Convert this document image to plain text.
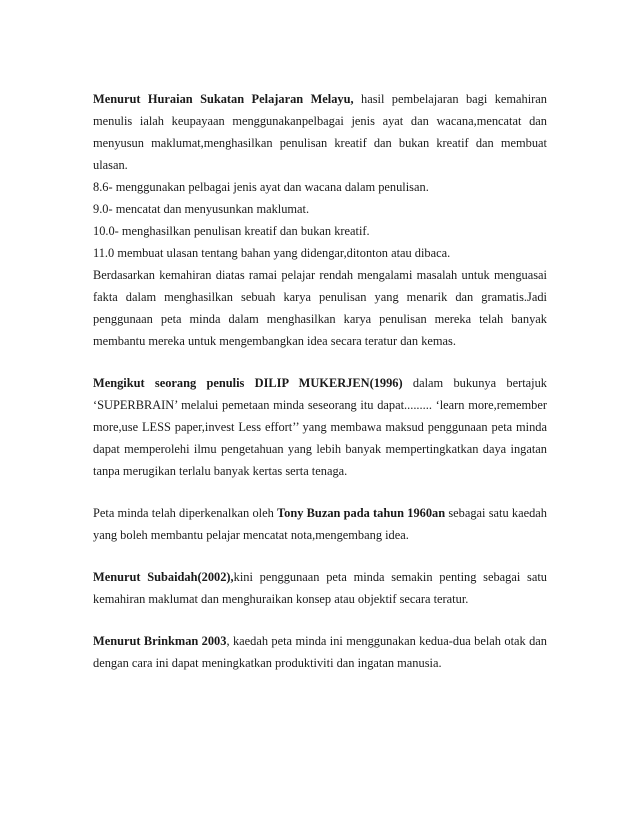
Menurut Huraian Sukatan Pelajaran Melayu, hasil pembelajaran bagi kemahiran menulis ialah keupayaan menggunakanpelbagai jenis ayat dan wacana,mencatat dan menyusun maklumat,menghasilkan penulisan kreatif dan bukan kreatif dan membuat ulasan.

8.6- menggunakan pelbagai jenis ayat dan wacana dalam penulisan.
9.0- mencatat dan menyusunkan maklumat.
10.0- menghasilkan penulisan kreatif dan bukan kreatif.
11.0 membuat ulasan tentang bahan yang didengar,ditonton atau dibaca.

Berdasarkan kemahiran diatas ramai pelajar rendah mengalami masalah untuk menguasai fakta dalam menghasilkan sebuah karya penulisan yang menarik dan gramatis.Jadi penggunaan peta minda dalam menghasilkan karya penulisan mereka telah banyak membantu mereka untuk mengembangkan idea secara teratur dan kemas.

Mengikut seorang penulis DILIP MUKERJEN(1996) dalam bukunya bertajuk ‘SUPERBRAIN’ melalui pemetaan minda seseorang itu dapat......... ‘learn more,remember more,use LESS paper,invest Less effort’’ yang membawa maksud penggunaan peta minda dapat memperolehi ilmu pengetahuan yang lebih banyak mempertingkatkan daya ingatan tanpa merugikan terlalu banyak kertas serta tenaga.

Peta minda telah diperkenalkan oleh Tony Buzan pada tahun 1960an sebagai satu kaedah yang boleh membantu pelajar mencatat nota,mengembang idea.

Menurut Subaidah(2002),kini penggunaan peta minda semakin penting sebagai satu kemahiran maklumat dan menghuraikan konsep atau objektif secara teratur.

Menurut Brinkman 2003, kaedah peta minda ini menggunakan kedua-dua belah otak dan dengan cara ini dapat meningkatkan produktiviti dan ingatan manusia.
